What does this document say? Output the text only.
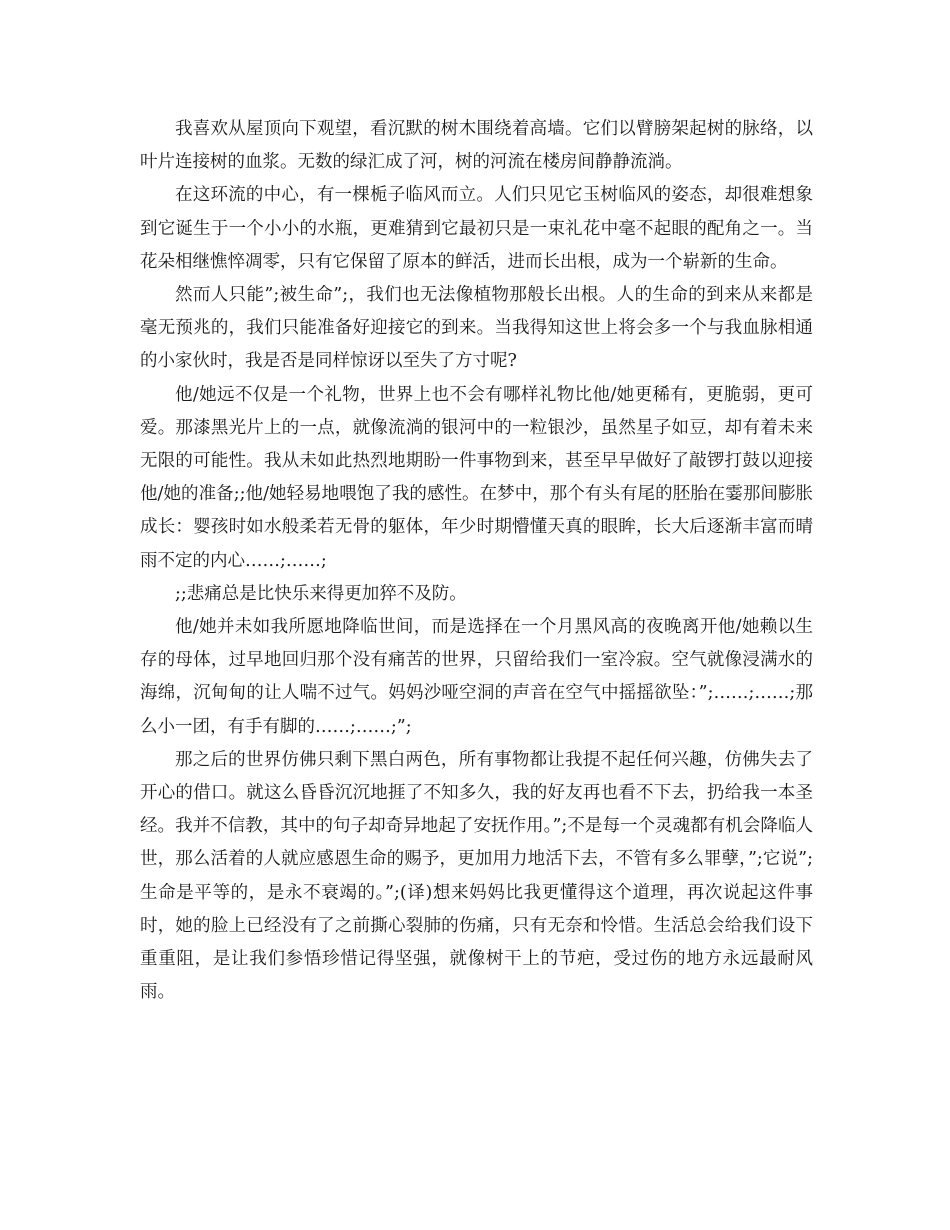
我喜欢从屋顶向下观望，看沉默的树木围绕着高墙。它们以臂膀架起树的脉络，以叶片连接树的血浆。无数的绿汇成了河，树的河流在楼房间静静流淌。

在这环流的中心，有一棵栀子临风而立。人们只见它玉树临风的姿态，却很难想象到它诞生于一个小小的水瓶，更难猜到它最初只是一束礼花中毫不起眼的配角之一。当花朵相继憔悴凋零，只有它保留了原本的鲜活，进而长出根，成为一个崭新的生命。

然而人只能”;被生命”;，我们也无法像植物那般长出根。人的生命的到来从来都是毫无预兆的，我们只能准备好迎接它的到来。当我得知这世上将会多一个与我血脉相通的小家伙时，我是否是同样惊讶以至失了方寸呢?

他/她远不仅是一个礼物，世界上也不会有哪样礼物比他/她更稀有，更脆弱，更可爱。那漆黑光片上的一点，就像流淌的银河中的一粒银沙，虽然星子如豆，却有着未来无限的可能性。我从未如此热烈地期盼一件事物到来，甚至早早做好了敲锣打鼓以迎接他/她的准备;;他/她轻易地喂饱了我的感性。在梦中，那个有头有尾的胚胎在霎那间膨胀成长：婴孩时如水般柔若无骨的躯体，年少时期懵懂天真的眼眸，长大后逐渐丰富而晴雨不定的内心……;……;

;;悲痛总是比快乐来得更加猝不及防。

他/她并未如我所愿地降临世间，而是选择在一个月黑风高的夜晚离开他/她赖以生存的母体，过早地回归那个没有痛苦的世界，只留给我们一室冷寂。空气就像浸满水的海绵，沉甸甸的让人喘不过气。妈妈沙哑空洞的声音在空气中摇摇欲坠：”;……;……;那么小一团，有手有脚的……;……;”;

那之后的世界仿佛只剩下黑白两色，所有事物都让我提不起任何兴趣，仿佛失去了开心的借口。就这么昏昏沉沉地捱了不知多久，我的好友再也看不下去，扔给我一本圣经。我并不信教，其中的句子却奇异地起了安抚作用。”;不是每一个灵魂都有机会降临人世，那么活着的人就应感恩生命的赐予，更加用力地活下去，不管有多么罪孽，”;它说”;生命是平等的，是永不衰竭的。”;(译)想来妈妈比我更懂得这个道理，再次说起这件事时，她的脸上已经没有了之前撕心裂肺的伤痛，只有无奈和怜惜。生活总会给我们设下重重阻，是让我们参悟珍惜记得坚强，就像树干上的节疤，受过伤的地方永远最耐风雨。
